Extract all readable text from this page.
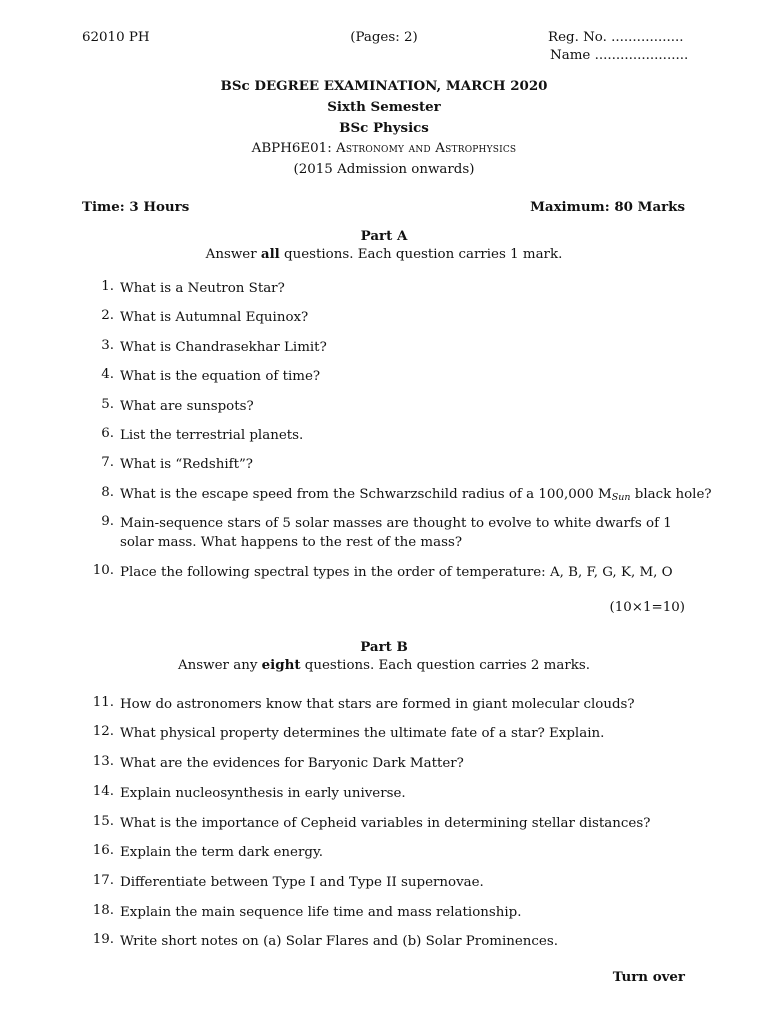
62010 PH	(Pages: 2)	Reg. No. .................
Name ......................
BSc DEGREE EXAMINATION, MARCH 2020
Sixth Semester
BSc Physics
ABPH6E01: Astronomy and Astrophysics
(2015 Admission onwards)
Time: 3 Hours	Maximum: 80 Marks
Part A
Answer all questions. Each question carries 1 mark.
1. What is a Neutron Star?
2. What is Autumnal Equinox?
3. What is Chandrasekhar Limit?
4. What is the equation of time?
5. What are sunspots?
6. List the terrestrial planets.
7. What is “Redshift”?
8. What is the escape speed from the Schwarzschild radius of a 100,000 $M_{Sun}$ black hole?
9. Main-sequence stars of 5 solar masses are thought to evolve to white dwarfs of 1 solar mass. What happens to the rest of the mass?
10. Place the following spectral types in the order of temperature: A, B, F, G, K, M, O
(10×1=10)
Part B
Answer any eight questions. Each question carries 2 marks.
11. How do astronomers know that stars are formed in giant molecular clouds?
12. What physical property determines the ultimate fate of a star? Explain.
13. What are the evidences for Baryonic Dark Matter?
14. Explain nucleosynthesis in early universe.
15. What is the importance of Cepheid variables in determining stellar distances?
16. Explain the term dark energy.
17. Differentiate between Type I and Type II supernovae.
18. Explain the main sequence life time and mass relationship.
19. Write short notes on (a) Solar Flares and (b) Solar Prominences.
Turn over
